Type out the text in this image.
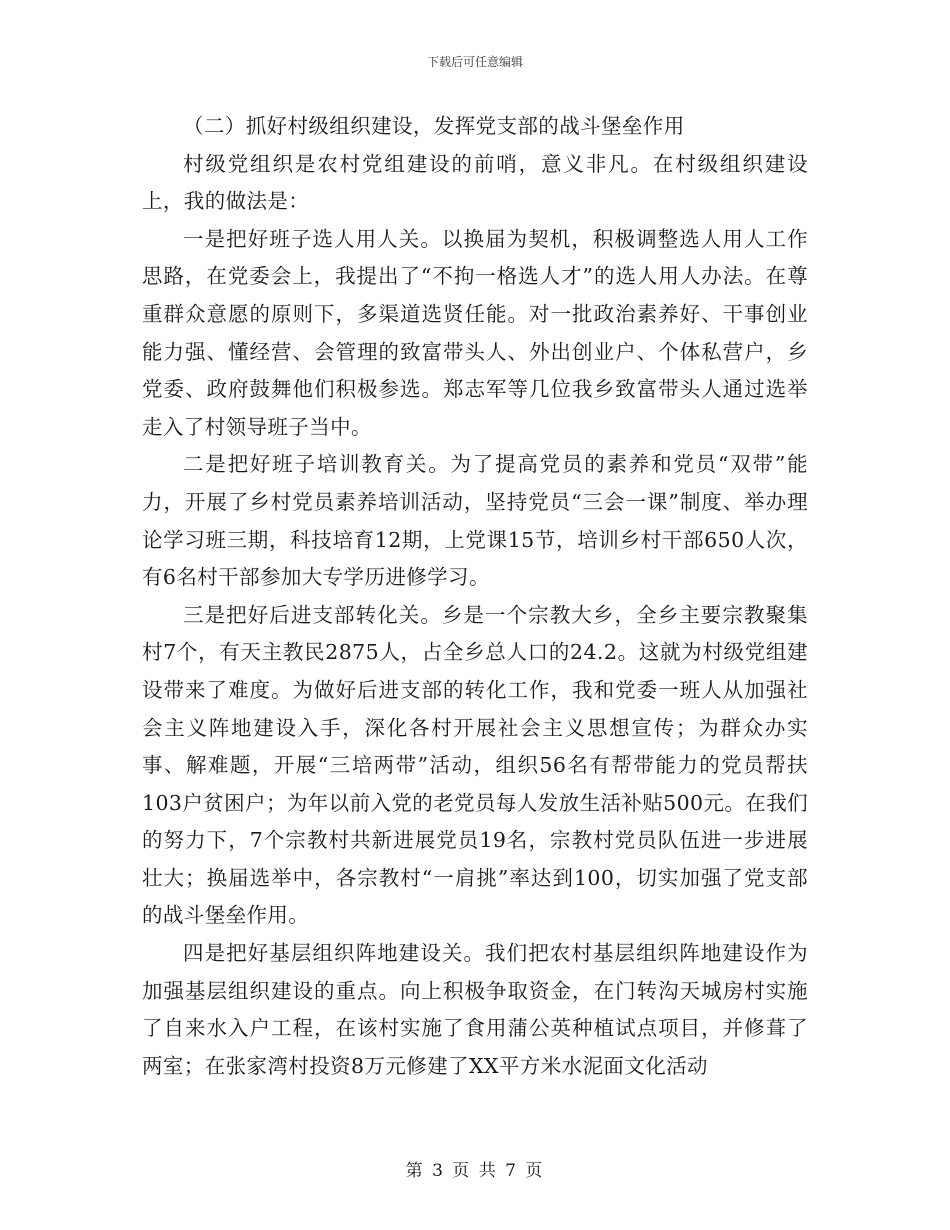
下载后可任意编辑
（二）抓好村级组织建设，发挥党支部的战斗堡垒作用

村级党组织是农村党组建设的前哨，意义非凡。在村级组织建设上，我的做法是：

一是把好班子选人用人关。以换届为契机，积极调整选人用人工作思路，在党委会上，我提出了“不拘一格选人才”的选人用人办法。在尊重群众意愿的原则下，多渠道选贤任能。对一批政治素养好、干事创业能力强、懂经营、会管理的致富带头人、外出创业户、个体私营户，乡党委、政府鼓舞他们积极参选。郑志军等几位我乡致富带头人通过选举走入了村领导班子当中。

二是把好班子培训教育关。为了提高党员的素养和党员“双带”能力，开展了乡村党员素养培训活动，坚持党员“三会一课”制度、举办理论学习班三期，科技培育12期，上党课15节，培训乡村干部650人次，有6名村干部参加大专学历进修学习。

三是把好后进支部转化关。乡是一个宗教大乡，全乡主要宗教聚集村7个，有天主教民2875人，占全乡总人口的24.2。这就为村级党组建设带来了难度。为做好后进支部的转化工作，我和党委一班人从加强社会主义阵地建设入手，深化各村开展社会主义思想宣传；为群众办实事、解难题，开展“三培两带”活动，组织56名有帮带能力的党员帮扶103户贫困户；为年以前入党的老党员每人发放生活补贴500元。在我们的努力下，7个宗教村共新进展党员19名，宗教村党员队伍进一步进展壮大；换届选举中，各宗教村“一肩挑”率达到100，切实加强了党支部的战斗堡垒作用。

四是把好基层组织阵地建设关。我们把农村基层组织阵地建设作为加强基层组织建设的重点。向上积极争取资金，在门转沟天城房村实施了自来水入户工程，在该村实施了食用蒲公英种植试点项目，并修葺了两室；在张家湾村投资8万元修建了XX平方米水泥面文化活动

第 3 页 共 7 页
